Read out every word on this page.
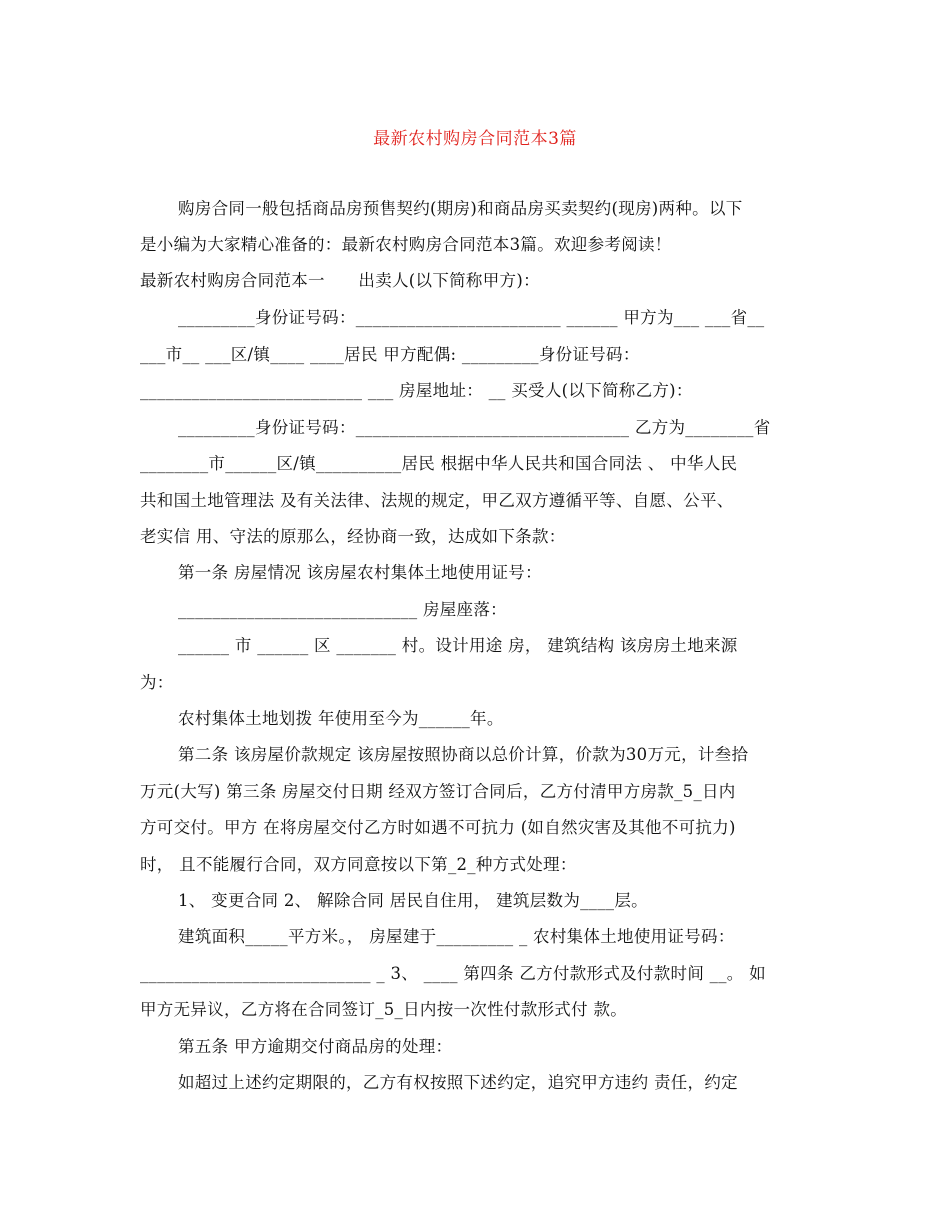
最新农村购房合同范本3篇
购房合同一般包括商品房预售契约(期房)和商品房买卖契约(现房)两种。以下
是小编为大家精心准备的：最新农村购房合同范本3篇。欢迎参考阅读！
最新农村购房合同范本一　　出卖人(以下简称甲方)：
_________身份证号码：________________________ ______ 甲方为___ ___省__
___市__ ___区/镇____ ____居民 甲方配偶: _________身份证号码：
__________________________ ___ 房屋地址： __ 买受人(以下简称乙方)：
_________身份证号码：________________________________ 乙方为________省
________市______区/镇__________居民 根据中华人民共和国合同法 、 中华人民
共和国土地管理法 及有关法律、法规的规定，甲乙双方遵循平等、自愿、公平、
老实信 用、守法的原那么，经协商一致，达成如下条款：
第一条 房屋情况 该房屋农村集体土地使用证号：
____________________________ 房屋座落：
______ 市 ______ 区 _______ 村。设计用途 房， 建筑结构 该房房土地来源
为：
农村集体土地划拨 年使用至今为______年。
第二条 该房屋价款规定 该房屋按照协商以总价计算，价款为30万元，计叁拾
万元(大写) 第三条 房屋交付日期 经双方签订合同后，乙方付清甲方房款_5_日内
方可交付。甲方 在将房屋交付乙方时如遇不可抗力 (如自然灾害及其他不可抗力)
时， 且不能履行合同，双方同意按以下第_2_种方式处理：
1、 变更合同 2、 解除合同 居民自住用， 建筑层数为____层。
建筑面积_____平方米。， 房屋建于_________ _ 农村集体土地使用证号码：
___________________________ _ 3、 ____ 第四条 乙方付款形式及付款时间 __。 如
甲方无异议，乙方将在合同签订_5_日内按一次性付款形式付 款。
第五条 甲方逾期交付商品房的处理：
如超过上述约定期限的，乙方有权按照下述约定，追究甲方违约 责任，约定
